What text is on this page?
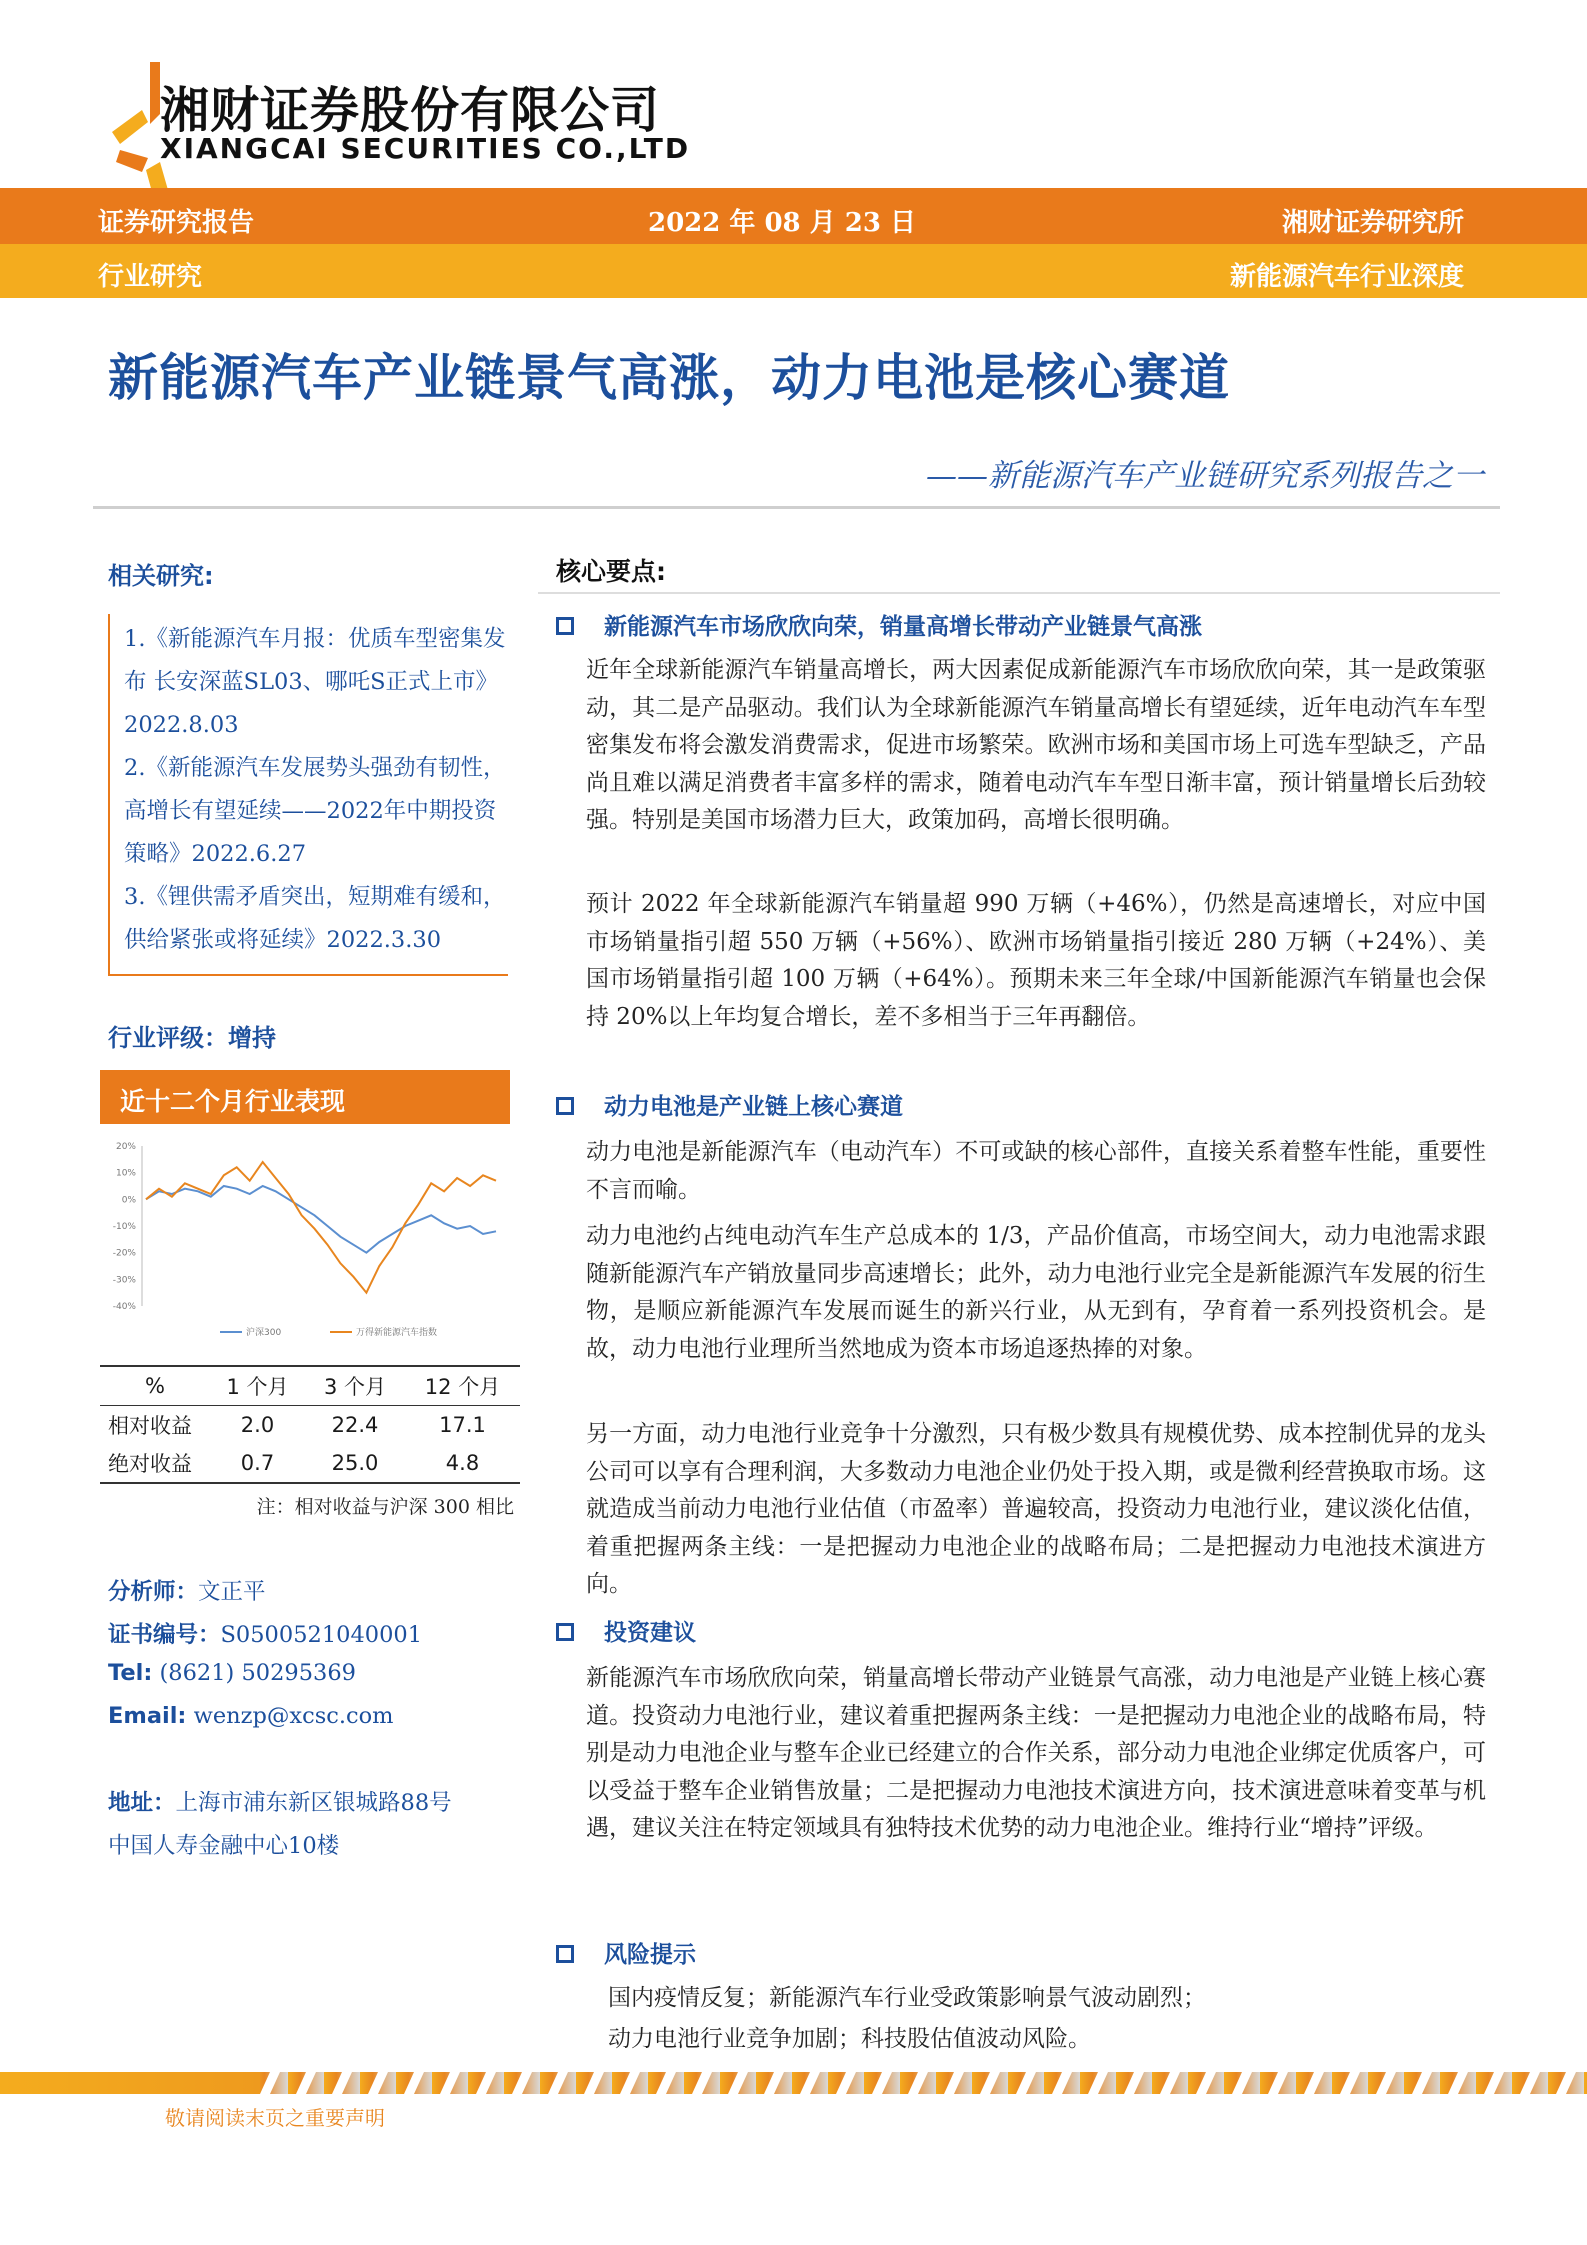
湘财证券股份有限公司
XIANGCAI SECURITIES CO.,LTD
证券研究报告	2022 年 08 月 23 日	湘财证券研究所
行业研究	新能源汽车行业深度
新能源汽车产业链景气高涨，动力电池是核心赛道
——新能源汽车产业链研究系列报告之一
相关研究:
1.《新能源汽车月报：优质车型密集发布 长安深蓝SL03、哪吒S正式上市》2022.8.03
2.《新能源汽车发展势头强劲有韧性，高增长有望延续——2022年中期投资策略》2022.6.27
3.《锂供需矛盾突出，短期难有缓和，供给紧张或将延续》2022.3.30
行业评级：增持
近十二个月行业表现
20%
10%
0%
-10%
-20%
-30%
-40%
沪深300	万得新能源汽车指数
%	1 个月	3 个月	12 个月
相对收益	2.0	22.4	17.1
绝对收益	0.7	25.0	4.8
注：相对收益与沪深 300 相比
分析师：文正平
证书编号：S0500521040001
Tel: (8621) 50295369
Email: wenzp@xcsc.com
地址：上海市浦东新区银城路88号
中国人寿金融中心10楼
核心要点:
新能源汽车市场欣欣向荣，销量高增长带动产业链景气高涨
近年全球新能源汽车销量高增长，两大因素促成新能源汽车市场欣欣向荣，其一是政策驱动，其二是产品驱动。我们认为全球新能源汽车销量高增长有望延续，近年电动汽车车型密集发布将会激发消费需求，促进市场繁荣。欧洲市场和美国市场上可选车型缺乏，产品尚且难以满足消费者丰富多样的需求，随着电动汽车车型日渐丰富，预计销量增长后劲较强。特别是美国市场潜力巨大，政策加码，高增长很明确。
预计 2022 年全球新能源汽车销量超 990 万辆（+46%），仍然是高速增长，对应中国市场销量指引超 550 万辆（+56%）、欧洲市场销量指引接近 280 万辆（+24%）、美国市场销量指引超 100 万辆（+64%）。预期未来三年全球/中国新能源汽车销量也会保持 20%以上年均复合增长，差不多相当于三年再翻倍。
动力电池是产业链上核心赛道
动力电池是新能源汽车（电动汽车）不可或缺的核心部件，直接关系着整车性能，重要性不言而喻。
动力电池约占纯电动汽车生产总成本的 1/3，产品价值高，市场空间大，动力电池需求跟随新能源汽车产销放量同步高速增长；此外，动力电池行业完全是新能源汽车发展的衍生物，是顺应新能源汽车发展而诞生的新兴行业，从无到有，孕育着一系列投资机会。是故，动力电池行业理所当然地成为资本市场追逐热捧的对象。
另一方面，动力电池行业竞争十分激烈，只有极少数具有规模优势、成本控制优异的龙头公司可以享有合理利润，大多数动力电池企业仍处于投入期，或是微利经营换取市场。这就造成当前动力电池行业估值（市盈率）普遍较高，投资动力电池行业，建议淡化估值，着重把握两条主线：一是把握动力电池企业的战略布局；二是把握动力电池技术演进方向。
投资建议
新能源汽车市场欣欣向荣，销量高增长带动产业链景气高涨，动力电池是产业链上核心赛道。投资动力电池行业，建议着重把握两条主线：一是把握动力电池企业的战略布局，特别是动力电池企业与整车企业已经建立的合作关系，部分动力电池企业绑定优质客户，可以受益于整车企业销售放量；二是把握动力电池技术演进方向，技术演进意味着变革与机遇，建议关注在特定领域具有独特技术优势的动力电池企业。维持行业“增持”评级。
风险提示
国内疫情反复；新能源汽车行业受政策影响景气波动剧烈；
动力电池行业竞争加剧；科技股估值波动风险。
敬请阅读末页之重要声明
